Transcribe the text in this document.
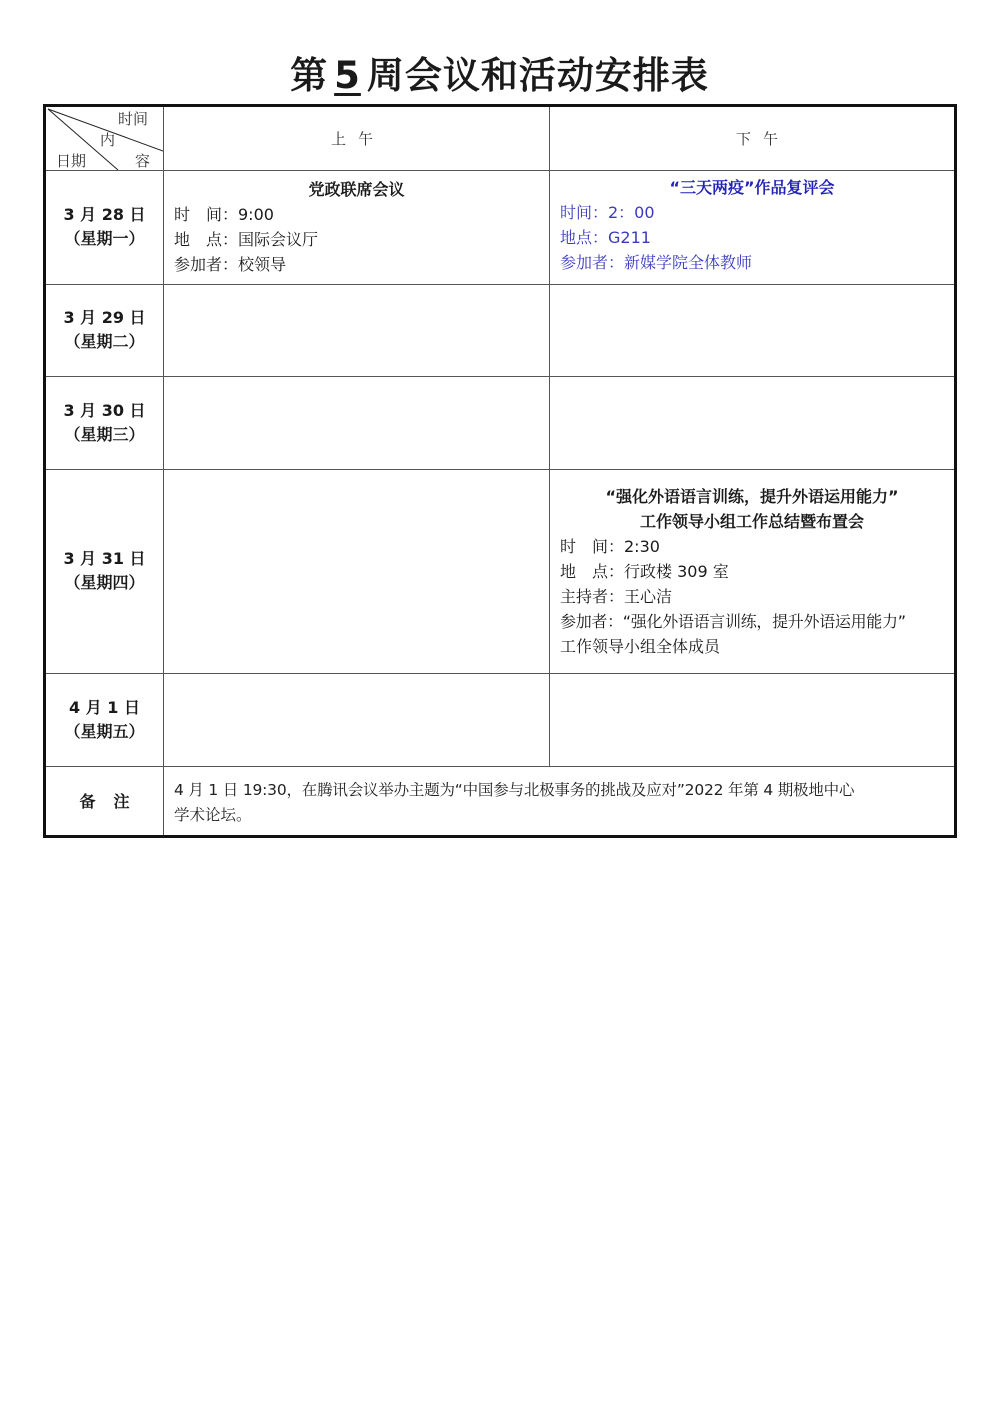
第 5 周会议和活动安排表
时间
内
容
日期
上午	下午
3 月 28 日
（星期一）
党政联席会议
时　间：9:00
地　点：国际会议厅
参加者：校领导
“三天两疫”作品复评会
时间：2：00
地点：G211
参加者：新媒学院全体教师
3 月 29 日
（星期二）
3 月 30 日
（星期三）
3 月 31 日
（星期四）
“强化外语语言训练，提升外语运用能力”
工作领导小组工作总结暨布置会
时　间：2:30
地　点：行政楼 309 室
主持者：王心洁
参加者：“强化外语语言训练，提升外语运用能力”
工作领导小组全体成员
4 月 1 日
（星期五）
备注
4 月 1 日 19:30，在腾讯会议举办主题为“中国参与北极事务的挑战及应对”2022 年第 4 期极地中心
学术论坛。
